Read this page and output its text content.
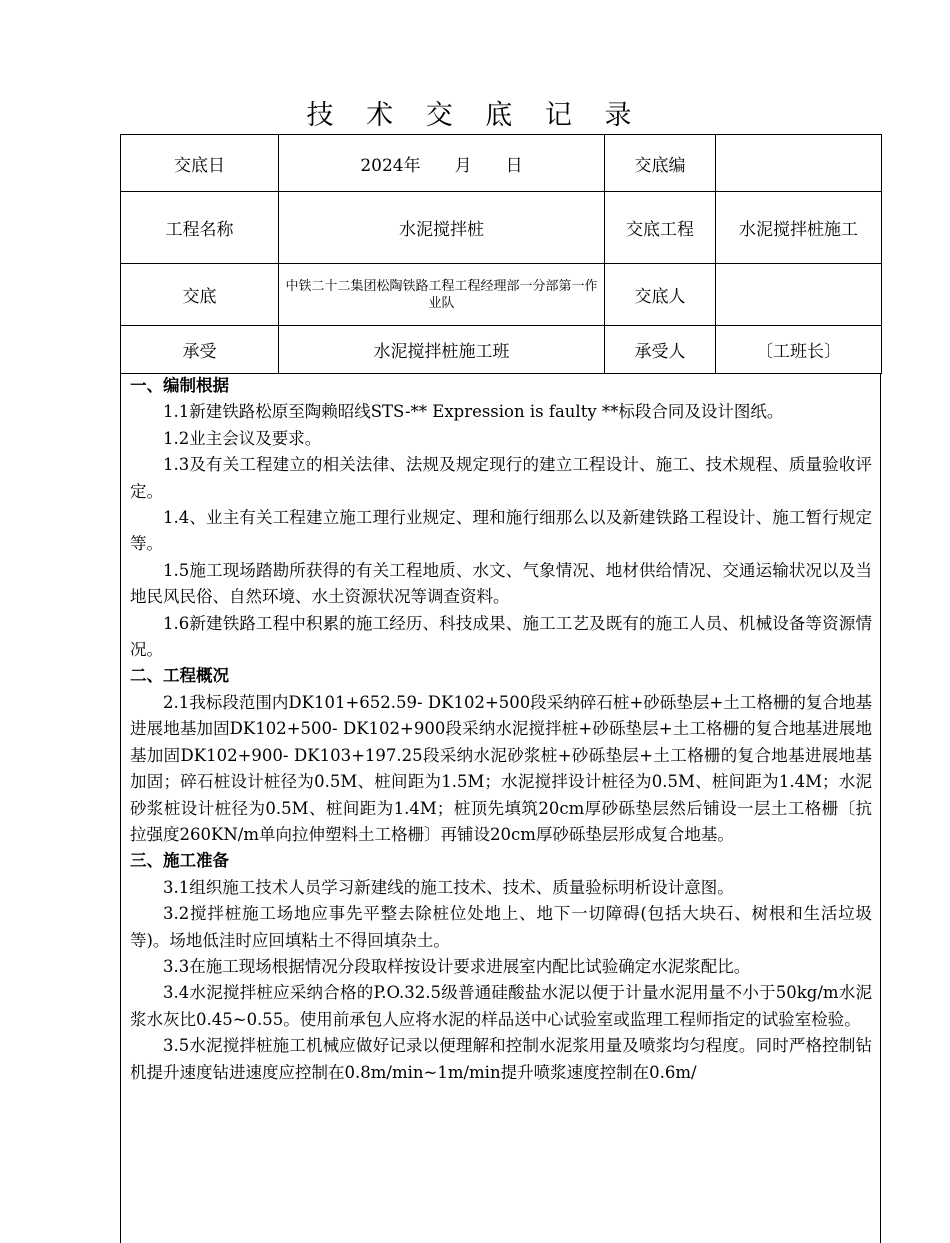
技 术 交 底 记 录
交底日	2024年　　月　　日	交底编	
工程名称	水泥搅拌桩	交底工程	水泥搅拌桩施工
交底	中铁二十二集团松陶铁路工程工程经理部一分部第一作业队	交底人	
承受	水泥搅拌桩施工班	承受人	〔工班长〕
一、编制根据

1.1新建铁路松原至陶赖昭线STS-** Expression is faulty **标段合同及设计图纸。

1.2业主会议及要求。

1.3及有关工程建立的相关法律、法规及规定现行的建立工程设计、施工、技术规程、质量验收评定。

1.4、业主有关工程建立施工理行业规定、理和施行细那么以及新建铁路工程设计、施工暂行规定等。

1.5施工现场踏勘所获得的有关工程地质、水文、气象情况、地材供给情况、交通运输状况以及当地民风民俗、自然环境、水土资源状况等调查资料。

1.6新建铁路工程中积累的施工经历、科技成果、施工工艺及既有的施工人员、机械设备等资源情况。

二、工程概况

2.1我标段范围内DK101+652.59- DK102+500段采纳碎石桩+砂砾垫层+土工格栅的复合地基进展地基加固DK102+500- DK102+900段采纳水泥搅拌桩+砂砾垫层+土工格栅的复合地基进展地基加固DK102+900- DK103+197.25段采纳水泥砂浆桩+砂砾垫层+土工格栅的复合地基进展地基加固；碎石桩设计桩径为0.5M、桩间距为1.5M；水泥搅拌设计桩径为0.5M、桩间距为1.4M；水泥砂浆桩设计桩径为0.5M、桩间距为1.4M；桩顶先填筑20cm厚砂砾垫层然后铺设一层土工格栅〔抗拉强度260KN/m单向拉伸塑料土工格栅〕再铺设20cm厚砂砾垫层形成复合地基。

三、施工准备

3.1组织施工技术人员学习新建线的施工技术、技术、质量验标明析设计意图。

3.2搅拌桩施工场地应事先平整去除桩位处地上、地下一切障碍(包括大块石、树根和生活垃圾等)。场地低洼时应回填粘土不得回填杂土。

3.3在施工现场根据情况分段取样按设计要求进展室内配比试验确定水泥浆配比。

3.4水泥搅拌桩应采纳合格的P.O.32.5级普通硅酸盐水泥以便于计量水泥用量不小于50kg/m水泥浆水灰比0.45~0.55。使用前承包人应将水泥的样品送中心试验室或监理工程师指定的试验室检验。

3.5水泥搅拌桩施工机械应做好记录以便理解和控制水泥浆用量及喷浆均匀程度。同时严格控制钻机提升速度钻进速度应控制在0.8m/min~1m/min提升喷浆速度控制在0.6m/
